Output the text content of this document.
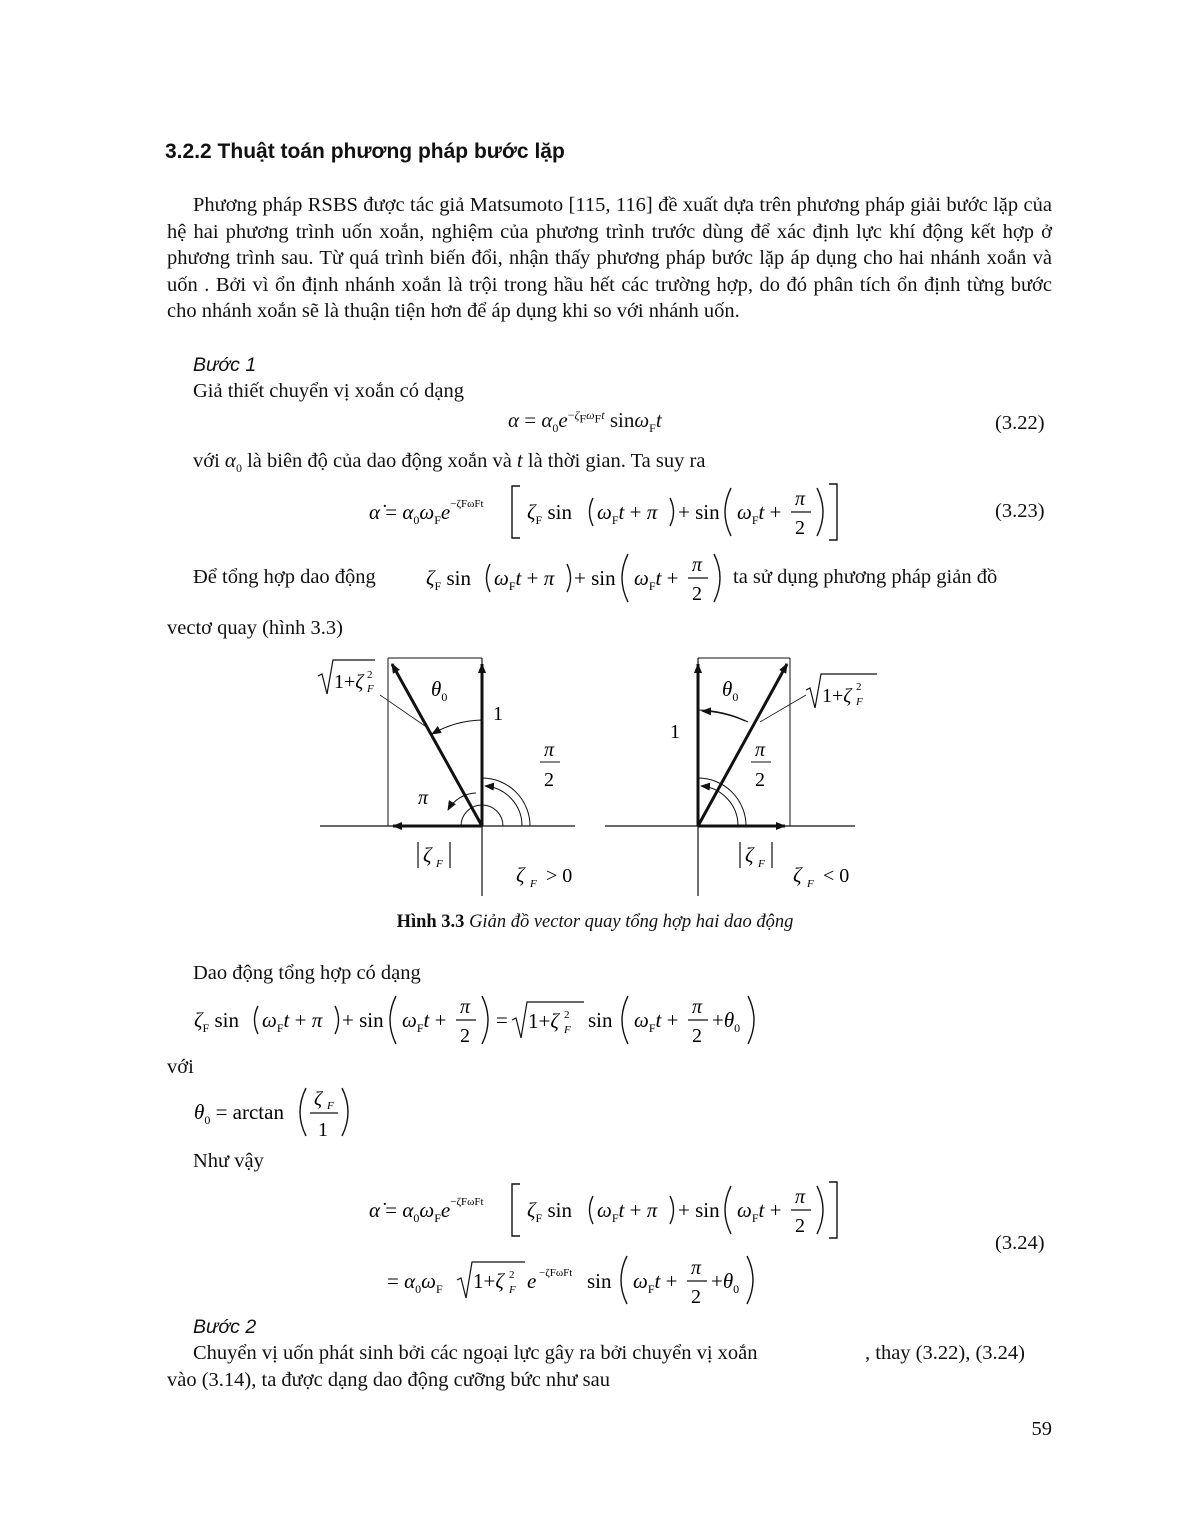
3.2.2 Thuật toán phương pháp bước lặp

Phương pháp RSBS được tác giả Matsumoto [115, 116] đề xuất dựa trên phương pháp giải bước lặp của hệ hai phương trình uốn xoắn, nghiệm của phương trình trước dùng để xác định lực khí động kết hợp ở phương trình sau. Từ quá trình biến đổi, nhận thấy phương pháp bước lặp áp dụng cho hai nhánh xoắn và uốn . Bởi vì ổn định nhánh xoắn là trội trong hầu hết các trường hợp, do đó phân tích ổn định từng bước cho nhánh xoắn sẽ là thuận tiện hơn để áp dụng khi so với nhánh uốn.

Bước 1
Giả thiết chuyển vị xoắn có dạng
$\alpha = \alpha_0e^{-\zeta_F\omega_Ft}$ sinω$_F$t	(3.22)
với $\alpha_0$ là biên độ của dao động xoắn và t là thời gian. Ta suy ra
α̇ = $\alpha_0\omega_Fe^{-\zeta F\omega Ft}$ $\zeta_F$ $\sin \omega_Ft + \pi + \sin \omega_Ft$ +
π
2
(3.23)
Để tổng hợp dao động $\zeta_F$ $\sin \omega_Ft + \pi + \sin \omega_Ft$ +
π
2
ta sử dụng phương pháp giản đồ
vectơ quay (hình 3.3)
$\theta_0$
1
π
2
π
1+ζ 2
F
ζ F	ζ F > 0
$\theta_0$
1
π
2
1+ζ 2
F
ζ F ζ F < 0
Hình 3.3 Giản đồ vector quay tổng hợp hai dao động
Dao động tổng hợp có dạng
$\zeta_F$ $\sin \omega_Ft + \pi + \sin \omega_Ft$ +
π
2
= 1+ζ 2
F $\sin \omega_Ft$ +
π
2
$+\theta_0$
với
$\theta_0 = \arctan$
ζ F
1
Như vậy
α̇ = $\alpha_0\omega_Fe^{-\zeta F\omega Ft}$ $\zeta_F$ $\sin \omega_Ft + \pi + \sin \omega_Ft$ +
π
2
= $\alpha_0\omega_F$ 1+ζ 2
F e −ζFωFt $\sin \omega_Ft$ +
π
2
$+\theta_0$
(3.24)
Bước 2
Chuyển vị uốn phát sinh bởi các ngoại lực gây ra bởi chuyển vị xoắn	, thay (3.22), (3.24)
vào (3.14), ta được dạng dao động cưỡng bức như sau
59
